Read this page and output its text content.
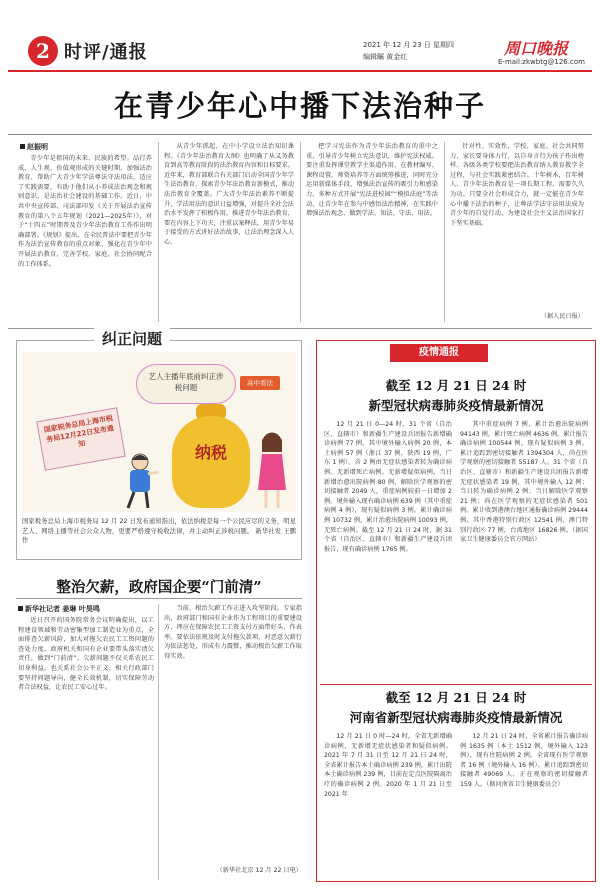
2 时评/通报	2021 年 12 月 23 日 星期四
编辑瞩 黄金红	周口晚报
E-mail:zkwbtg@126.com
在青少年心中播下法治种子
赵振明

青少年是祖国的未来、民族的希望。品行养成、人生观、价值观形成的关键时期，加强法治教育，帮助广大青少年学法尊法守法用法，适应了实践需要，有助于他们从小养成法治观念和规则意识，是法治社会建设的基础工作。近日，中共中央宣传部、司法部印发《关于开展法治宣传教育的第八个五年规划（2021—2025年）》，对于“十四五”时期普及青少年法治教育工作作出明确部署。《规划》提出，在全民普法中要把青少年作为法治宣传教育的重点对象，强化在青少年中开展法治教育，完善学校、家庭、社会协同配合的工作体系。

从青少年抓起，在中小学设立法治知识课程。《青少年法治教育大纲》也明确了从义务教育到高等教育阶段的法治教育内容和目标要求。近年来，教育部联合有关部门启动全国青少年学生法治教育，探索青少年法治教育新模式，推动法治教育全覆盖。广大青少年法治素养不断提升，学法用法的意识日益增强，对提升全社会法治水平发挥了积极作用。推进青少年法治教育，要在内容上下功夫，注重以案释法，用青少年易于接受的方式讲好法治故事，让法治理念深入人心。

把学习宪法作为青少年法治教育的重中之重，引导青少年树立宪法意识，维护宪法权威。要注重发挥课堂教学主渠道作用，在教材编写、课程设置、师资培养等方面统筹推进，同时充分运用新媒体手段，增强法治宣传的吸引力和感染力。多种方式开展“宪法进校园”“模拟法庭”等活动，让青少年在参与中感悟法治精神，在实践中增强法治观念，做到学法、知法、守法、用法。

针对性、实效性，学校、家庭、社会共同努力，家长要身体力行，以自身言行为孩子作出榜样。各级各类学校要把法治教育纳入教育教学全过程，与社会实践紧密结合。十年树木，百年树人。青少年法治教育是一项长期工程，需要久久为功。只要全社会形成合力，就一定能在青少年心中播下法治的种子，让尊法学法守法用法成为青少年的自觉行动，为建设社会主义法治国家打下坚实基础。

（据人民日报）

纠正问题
国家税务总局上海市税务局12月22日发布通知
艺人主播年底前纠正涉税问题	高中看法
纳税
国家税务总局上海市税务局 12 月 22 日发布通知指出，依法纳税是每一个公民应尽的义务，明星艺人、网络主播等社会公众人物，更要严格遵守税收法律，并主动纠正涉税问题。 新华社发 王鹏 作
整治欠薪，政府国企要“门前清”
新华社记者 姜琳 叶昊鸣

近日召开的国务院常务会议明确提出，以工程建设领域和劳动密集型加工制造业为重点，全面排查欠薪风险，加大对拖欠农民工工资问题的查处力度。政府机关和国有企业要带头落实清欠责任，做到“门前清”。欠薪问题不仅关系农民工切身利益，也关系社会公平正义。相关行政部门要坚持问题导向，健全长效机制，切实保障劳动者合法权益，让农民工安心过年。

当前，根治欠薪工作正进入攻坚阶段。专家指出，政府部门和国有企业作为工程项目的重要建设方，理应在保障农民工工资支付方面带好头、作表率。要依法依规及时支付拖欠款项，对恶意欠薪行为依法惩处，形成有力震慑，推动根治欠薪工作取得实效。

（新华社北京 12 月 22 日电）

疫情通报
截至 12 月 21 日 24 时
新型冠状病毒肺炎疫情最新情况

12 月 21 日 0—24 时，31 个省（自治区、直辖市）和新疆生产建设兵团报告新增确诊病例 77 例。其中境外输入病例 20 例，本土病例 57 例（浙江 37 例，陕西 19 例，广东 1 例）。含 2 例由无症状感染者转为确诊病例。无新增死亡病例。无新增疑似病例。当日新增治愈出院病例 80 例，解除医学观察的密切接触者 2049 人，重症病例较前一日增加 2 例。境外输入现有确诊病例 639 例（其中重症病例 4 例），现有疑似病例 3 例。累计确诊病例 10732 例，累计治愈出院病例 10093 例，无死亡病例。截至 12 月 21 日 24 时，据 31 个省（自治区、直辖市）和新疆生产建设兵团报告，现有确诊病例 1765 例。

其中重症病例 7 例，累计治愈出院病例 94143 例，累计死亡病例 4636 例，累计报告确诊病例 100544 例，现有疑似病例 3 例。累计追踪到密切接触者 1394304 人，尚在医学观察的密切接触者 55187 人。31 个省（自治区、直辖市）和新疆生产建设兵团报告新增无症状感染者 19 例，其中境外输入 12 例；当日转为确诊病例 2 例；当日解除医学观察 21 例；尚在医学观察的无症状感染者 501 例。累计收到港澳台地区通报确诊病例 29444 例。其中香港特别行政区 12541 例，澳门特别行政区 77 例，台湾地区 16826 例。（据国家卫生健康委员会官方网站）

截至 12 月 21 日 24 时
河南省新型冠状病毒肺炎疫情最新情况

12 月 21 日 0 时—24 时，全省无新增确诊病例，无新增无症状感染者和疑似病例。2021 年 7 月 31 日至 12 月 21 日 24 时，全省累计报告本土确诊病例 239 例，累计出院本土确诊病例 239 例，目前在定点医院隔离治疗的确诊病例 2 例。2020 年 1 月 21 日至 2021 年

12 月 21 日 24 时，全省累计报告确诊病例 1635 例（本土 1512 例，境外输入 123 例），现有住院病例 2 例。全省现有医学观察者 16 例（境外输入 16 例）。累计追踪到密切接触者 49069 人，正在观察的密切接触者 159 人。（据河南省卫生健康委员会）
